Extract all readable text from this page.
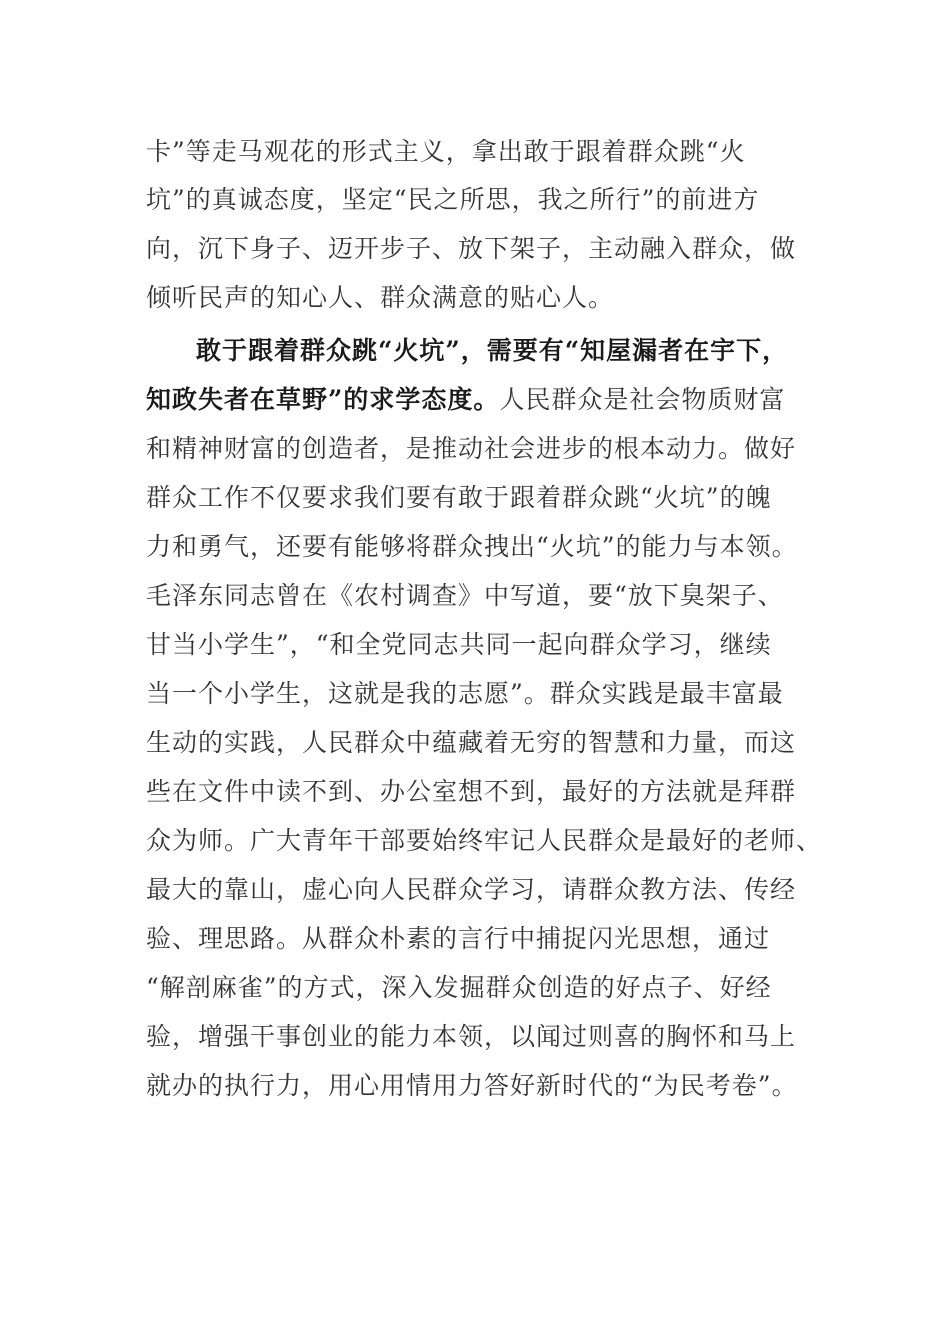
卡”等走马观花的形式主义，拿出敢于跟着群众跳“火
坑”的真诚态度，坚定“民之所思，我之所行”的前进方
向，沉下身子、迈开步子、放下架子，主动融入群众，做
倾听民声的知心人、群众满意的贴心人。
敢于跟着群众跳“火坑”，需要有“知屋漏者在宇下，
知政失者在草野”的求学态度。人民群众是社会物质财富
和精神财富的创造者，是推动社会进步的根本动力。做好
群众工作不仅要求我们要有敢于跟着群众跳“火坑”的魄
力和勇气，还要有能够将群众拽出“火坑”的能力与本领。
毛泽东同志曾在《农村调查》中写道，要“放下臭架子、
甘当小学生”，“和全党同志共同一起向群众学习，继续
当一个小学生，这就是我的志愿”。群众实践是最丰富最
生动的实践，人民群众中蕴藏着无穷的智慧和力量，而这
些在文件中读不到、办公室想不到，最好的方法就是拜群
众为师。广大青年干部要始终牢记人民群众是最好的老师、
最大的靠山，虚心向人民群众学习，请群众教方法、传经
验、理思路。从群众朴素的言行中捕捉闪光思想，通过
“解剖麻雀”的方式，深入发掘群众创造的好点子、好经
验，增强干事创业的能力本领，以闻过则喜的胸怀和马上
就办的执行力，用心用情用力答好新时代的“为民考卷”。
